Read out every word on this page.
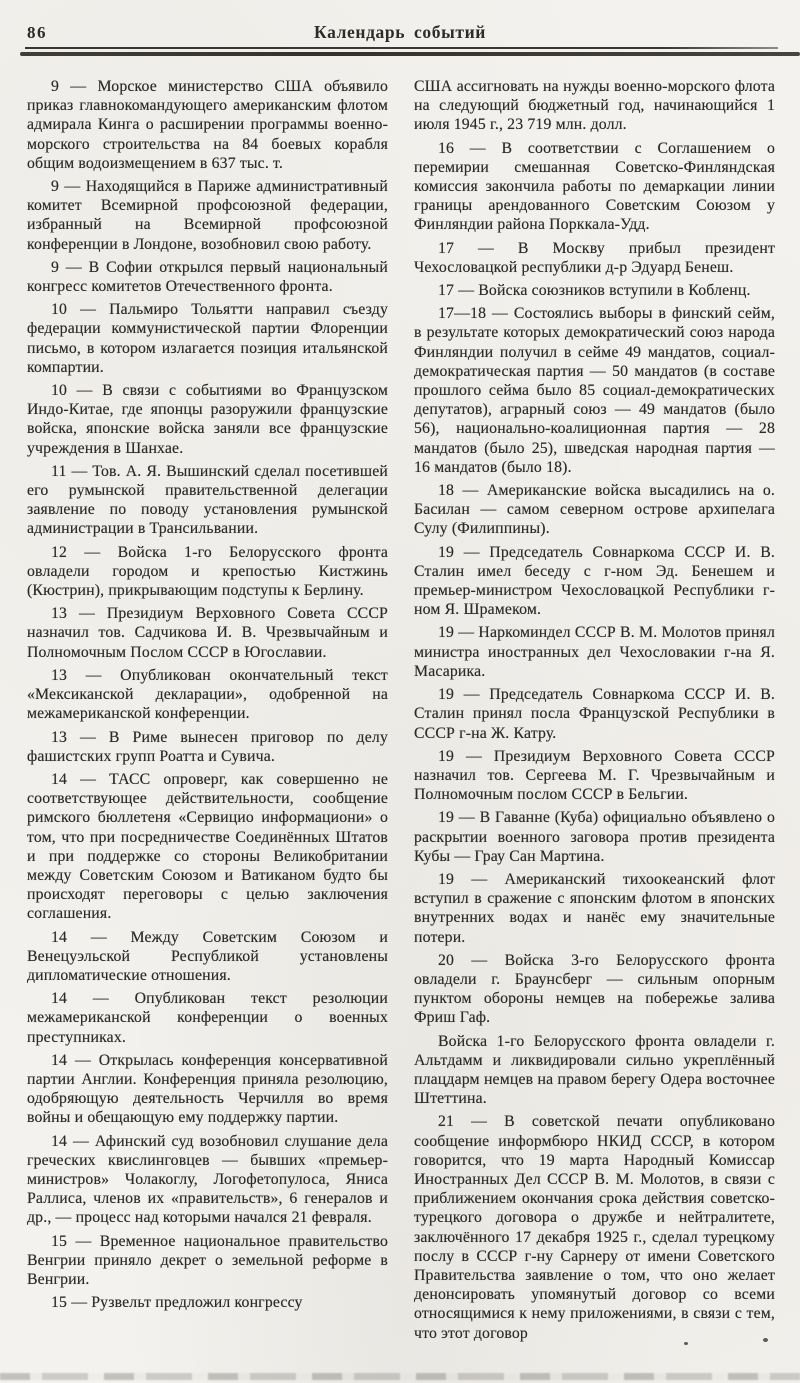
86	Календарь событий

9 — Морское министерство США объявило приказ главнокомандующего американским флотом адмирала Кинга о расширении программы военно-морского строительства на 84 боевых корабля общим водоизмещением в 637 тыс. т.

9 — Находящийся в Париже административный комитет Всемирной профсоюзной федерации, избранный на Всемирной профсоюзной конференции в Лондоне, возобновил свою работу.

9 — В Софии открылся первый национальный конгресс комитетов Отечественного фронта.

10 — Пальмиро Тольятти направил съезду федерации коммунистической партии Флоренции письмо, в котором излагается позиция итальянской компартии.

10 — В связи с событиями во Французском Индо-Китае, где японцы разоружили французские войска, японские войска заняли все французские учреждения в Шанхае.

11 — Тов. А. Я. Вышинский сделал посетившей его румынской правительственной делегации заявление по поводу установления румынской администрации в Трансильвании.

12 — Войска 1-го Белорусского фронта овладели городом и крепостью Кистжинь (Кюстрин), прикрывающим подступы к Берлину.

13 — Президиум Верховного Совета СССР назначил тов. Садчикова И. В. Чрезвычайным и Полномочным Послом СССР в Югославии.

13 — Опубликован окончательный текст «Мексиканской декларации», одобренной на межамериканской конференции.

13 — В Риме вынесен приговор по делу фашистских групп Роатта и Сувича.

14 — ТАСС опроверг, как совершенно не соответствующее действительности, сообщение римского бюллетеня «Сервицио информациони» о том, что при посредничестве Соединённых Штатов и при поддержке со стороны Великобритании между Советским Союзом и Ватиканом будто бы происходят переговоры с целью заключения соглашения.

14 — Между Советским Союзом и Венецуэльской Республикой установлены дипломатические отношения.

14 — Опубликован текст резолюции межамериканской конференции о военных преступниках.

14 — Открылась конференция консервативной партии Англии. Конференция приняла резолюцию, одобряющую деятельность Черчилля во время войны и обещающую ему поддержку партии.

14 — Афинский суд возобновил слушание дела греческих квислинговцев — бывших «премьер-министров» Чолакоглу, Логофетопулоса, Яниса Раллиса, членов их «правительств», 6 генералов и др., — процесс над которыми начался 21 февраля.

15 — Временное национальное правительство Венгрии приняло декрет о земельной реформе в Венгрии.

15 — Рузвельт предложил конгрессу

США ассигновать на нужды военно-морского флота на следующий бюджетный год, начинающийся 1 июля 1945 г., 23 719 млн. долл.

16 — В соответствии с Соглашением о перемирии смешанная Советско-Финляндская комиссия закончила работы по демаркации линии границы арендованного Советским Союзом у Финляндии района Порккала-Удд.

17 — В Москву прибыл президент Чехословацкой республики д-р Эдуард Бенеш.

17 — Войска союзников вступили в Кобленц.

17—18 — Состоялись выборы в финский сейм, в результате которых демократический союз народа Финляндии получил в сейме 49 мандатов, социал-демократическая партия — 50 мандатов (в составе прошлого сейма было 85 социал-демократических депутатов), аграрный союз — 49 мандатов (было 56), национально-коалиционная партия — 28 мандатов (было 25), шведская народная партия — 16 мандатов (было 18).

18 — Американские войска высадились на о. Басилан — самом северном острове архипелага Сулу (Филиппины).

19 — Председатель Совнаркома СССР И. В. Сталин имел беседу с г-ном Эд. Бенешем и премьер-министром Чехословацкой Республики г-ном Я. Шрамеком.

19 — Наркоминдел СССР В. М. Молотов принял министра иностранных дел Чехословакии г-на Я. Масарика.

19 — Председатель Совнаркома СССР И. В. Сталин принял посла Французской Республики в СССР г-на Ж. Катру.

19 — Президиум Верховного Совета СССР назначил тов. Сергеева М. Г. Чрезвычайным и Полномочным послом СССР в Бельгии.

19 — В Гаванне (Куба) официально объявлено о раскрытии военного заговора против президента Кубы — Грау Сан Мартина.

19 — Американский тихоокеанский флот вступил в сражение с японским флотом в японских внутренних водах и нанёс ему значительные потери.

20 — Войска 3-го Белорусского фронта овладели г. Браунсберг — сильным опорным пунктом обороны немцев на побережье залива Фриш Гаф.

Войска 1-го Белорусского фронта овладели г. Альтдамм и ликвидировали сильно укреплённый плацдарм немцев на правом берегу Одера восточнее Штеттина.

21 — В советской печати опубликовано сообщение информбюро НКИД СССР, в котором говорится, что 19 марта Народный Комиссар Иностранных Дел СССР В. М. Молотов, в связи с приближением окончания срока действия советско-турецкого договора о дружбе и нейтралитете, заключённого 17 декабря 1925 г., сделал турецкому послу в СССР г-ну Сарнеру от имени Советского Правительства заявление о том, что оно желает денонсировать упомянутый договор со всеми относящимися к нему приложениями, в связи с тем, что этот договор
